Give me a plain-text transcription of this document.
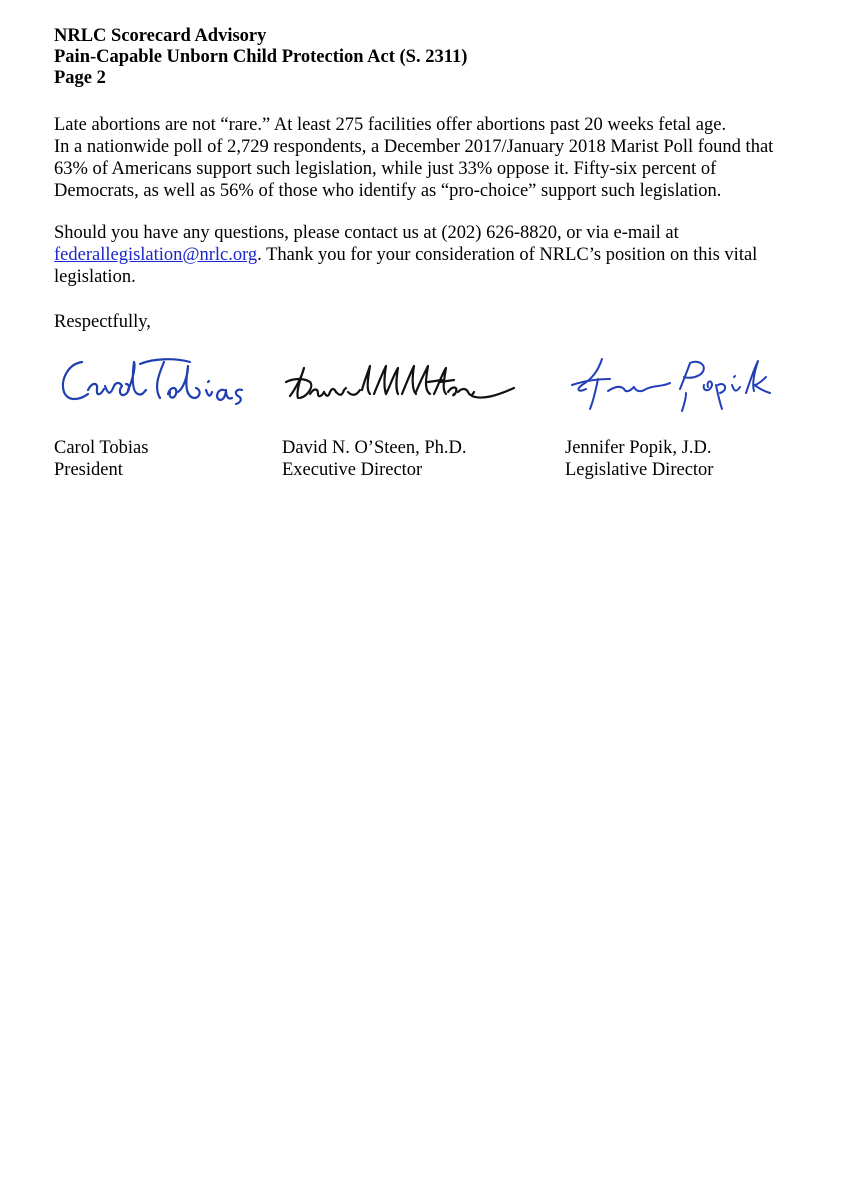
NRLC Scorecard Advisory
Pain-Capable Unborn Child Protection Act (S. 2311)
Page 2
Late abortions are not “rare.” At least 275 facilities offer abortions past 20 weeks fetal age.
In a nationwide poll of 2,729 respondents, a December 2017/January 2018 Marist Poll found that
63% of Americans support such legislation, while just 33% oppose it. Fifty-six percent of
Democrats, as well as 56% of those who identify as “pro-choice” support such legislation.
Should you have any questions, please contact us at (202) 626-8820, or via e-mail at
federallegislation@nrlc.org. Thank you for your consideration of NRLC’s position on this vital
legislation.
Respectfully,
Carol Tobias
President
David N. O’Steen, Ph.D.
Executive Director
Jennifer Popik, J.D.
Legislative Director
